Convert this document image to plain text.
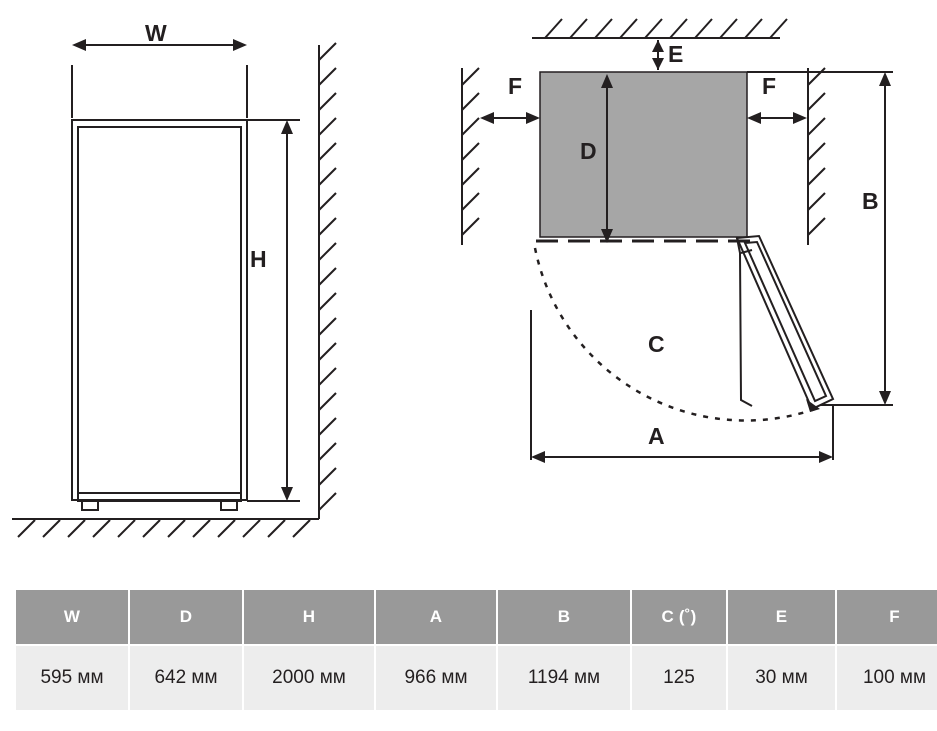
W
H
E
F	F
D
B
C
A
W	D	H	A	B	C (˚)	E	F
595 мм	642 мм	2000 мм	966 мм	1194 мм	125	30 мм	100 мм
